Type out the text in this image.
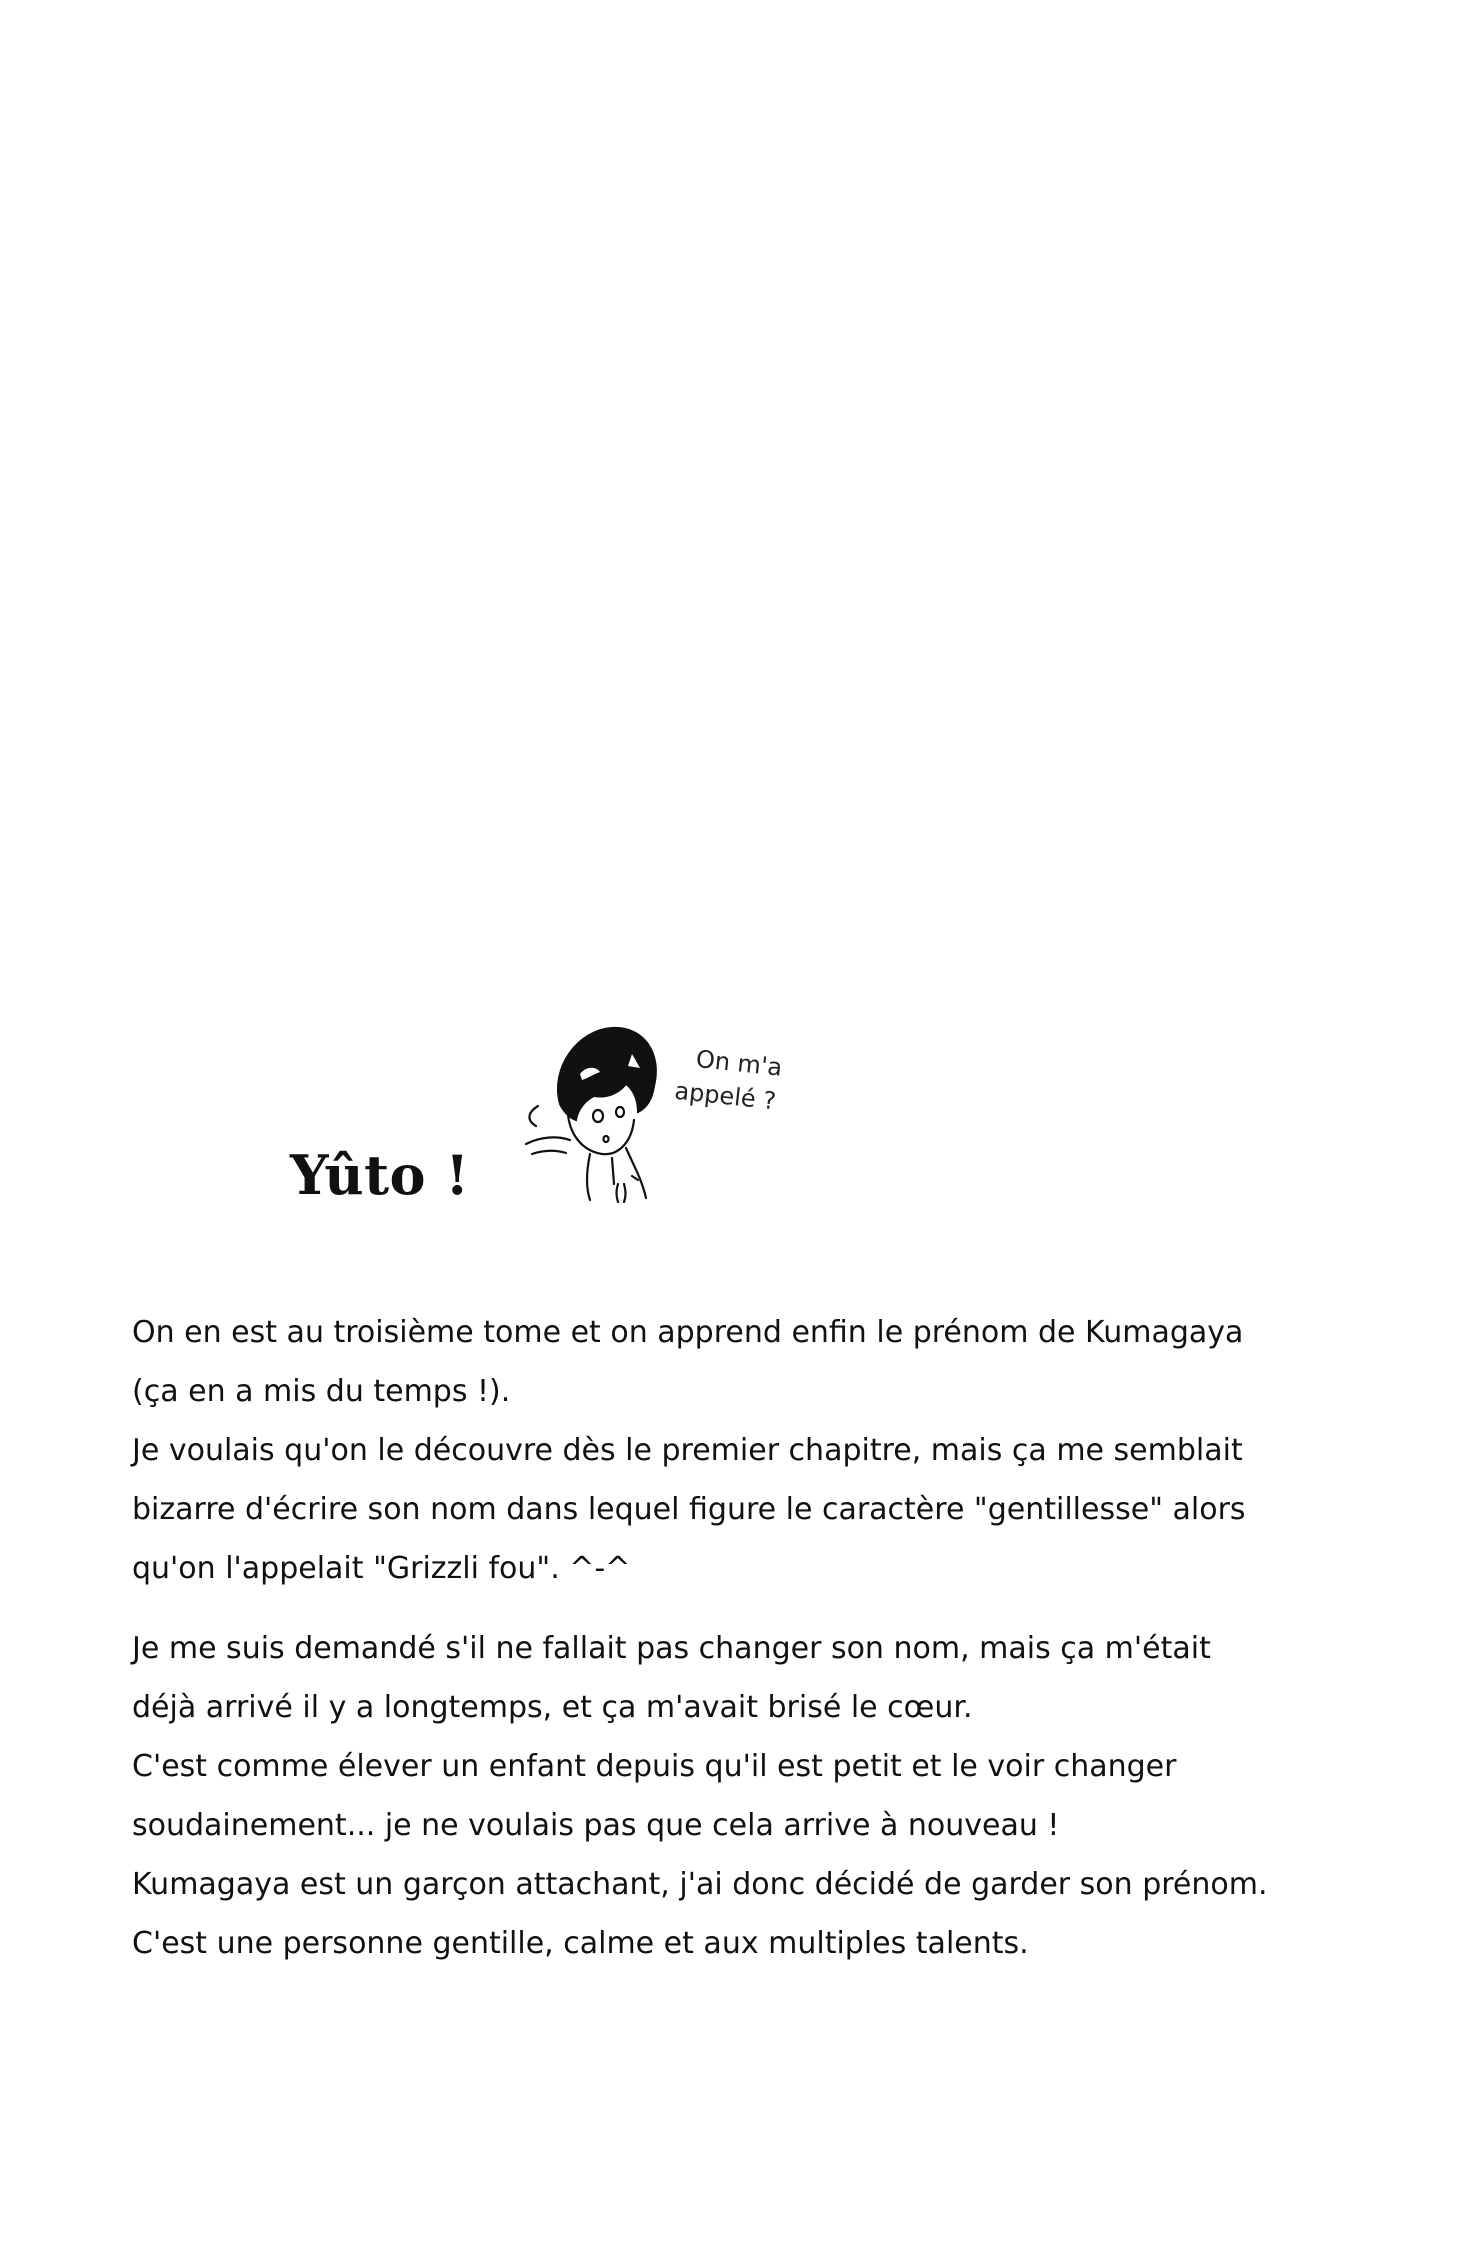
Yûto !
On m'a
appelé ?

On en est au troisième tome et on apprend enfin le prénom de Kumagaya
(ça en a mis du temps !).
Je voulais qu'on le découvre dès le premier chapitre, mais ça me semblait
bizarre d'écrire son nom dans lequel figure le caractère "gentillesse" alors
qu'on l'appelait "Grizzli fou". ^-^

Je me suis demandé s'il ne fallait pas changer son nom, mais ça m'était
déjà arrivé il y a longtemps, et ça m'avait brisé le cœur.
C'est comme élever un enfant depuis qu'il est petit et le voir changer
soudainement... je ne voulais pas que cela arrive à nouveau !
Kumagaya est un garçon attachant, j'ai donc décidé de garder son prénom.
C'est une personne gentille, calme et aux multiples talents.
